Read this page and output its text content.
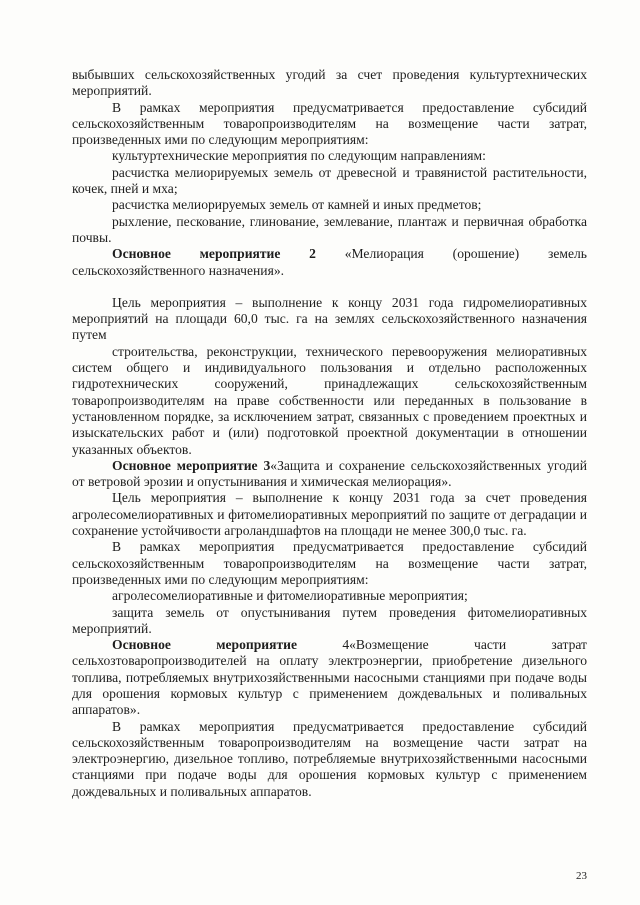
выбывших сельскохозяйственных угодий за счет проведения культуртехнических мероприятий.

В рамках мероприятия предусматривается предоставление субсидий сельскохозяйственным товаропроизводителям на возмещение части затрат, произведенных ими по следующим мероприятиям:

культуртехнические мероприятия по следующим направлениям:

расчистка мелиорируемых земель от древесной и травянистой растительности, кочек, пней и мха;

расчистка мелиорируемых земель от камней и иных предметов;

рыхление, пескование, глинование, землевание, плантаж и первичная обработка почвы.

Основное мероприятие 2 «Мелиорация (орошение) земель сельскохозяйственного назначения».

Цель мероприятия – выполнение к концу 2031 года гидромелиоративных мероприятий на площади 60,0 тыс. га на землях сельскохозяйственного назначения путем

строительства, реконструкции, технического перевооружения мелиоративных систем общего и индивидуального пользования и отдельно расположенных гидротехнических сооружений, принадлежащих сельскохозяйственным товаропроизводителям на праве собственности или переданных в пользование в установленном порядке, за исключением затрат, связанных с проведением проектных и изыскательских работ и (или) подготовкой проектной документации в отношении указанных объектов.

Основное мероприятие 3«Защита и сохранение сельскохозяйственных угодий от ветровой эрозии и опустынивания и химическая мелиорация».

Цель мероприятия – выполнение к концу 2031 года за счет проведения агролесомелиоративных и фитомелиоративных мероприятий по защите от деградации и сохранение устойчивости агроландшафтов на площади не менее 300,0 тыс. га.

В рамках мероприятия предусматривается предоставление субсидий сельскохозяйственным товаропроизводителям на возмещение части затрат, произведенных ими по следующим мероприятиям:

агролесомелиоративные и фитомелиоративные мероприятия;

защита земель от опустынивания путем проведения фитомелиоративных мероприятий.

Основное мероприятие 4«Возмещение части затрат сельхозтоваропроизводителей на оплату электроэнергии, приобретение дизельного топлива, потребляемых внутрихозяйственными насосными станциями при подаче воды для орошения кормовых культур с применением дождевальных и поливальных аппаратов».

В рамках мероприятия предусматривается предоставление субсидий сельскохозяйственным товаропроизводителям на возмещение части затрат на электроэнергию, дизельное топливо, потребляемые внутрихозяйственными насосными станциями при подаче воды для орошения кормовых культур с применением дождевальных и поливальных аппаратов.

23
